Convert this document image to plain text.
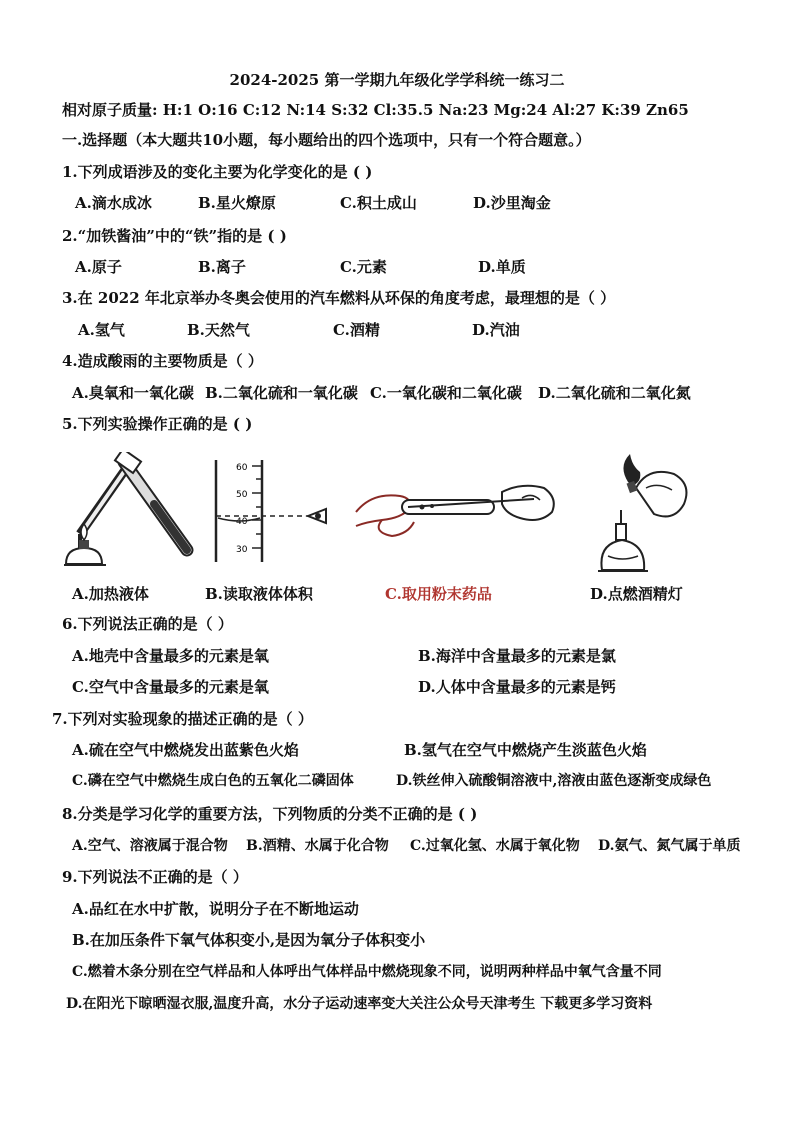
2024-2025 第一学期九年级化学学科统一练习二
相对原子质量: H:1 O:16 C:12 N:14 S:32 Cl:35.5 Na:23 Mg:24 Al:27 K:39 Zn65
一.选择题（本大题共10小题，每小题给出的四个选项中，只有一个符合题意。）
1.下列成语涉及的变化主要为化学变化的是 ( )
A.滴水成冰	B.星火燎原	C.积土成山	D.沙里淘金
2.“加铁酱油”中的“铁”指的是 ( )
A.原子	B.离子	C.元素	D.单质
3.在 2022 年北京举办冬奥会使用的汽车燃料从环保的角度考虑，最理想的是（ ）
A.氢气	B.天然气	C.酒精	D.汽油
4.造成酸雨的主要物质是（ ）
A.臭氧和一氧化碳 B.二氧化硫和一氧化碳 C.一氧化碳和二氧化碳 D.二氧化硫和二氧化氮
5.下列实验操作正确的是 ( )
A.加热液体
60
50
40
30
B.读取液体体积	C.取用粉末药品	D.点燃酒精灯
6.下列说法正确的是（ ）
A.地壳中含量最多的元素是氧	B.海洋中含量最多的元素是氯
C.空气中含量最多的元素是氧	D.人体中含量最多的元素是钙
7.下列对实验现象的描述正确的是（ ）
A.硫在空气中燃烧发出蓝紫色火焰	B.氢气在空气中燃烧产生淡蓝色火焰
C.磷在空气中燃烧生成白色的五氧化二磷固体	D.铁丝伸入硫酸铜溶液中,溶液由蓝色逐渐变成绿色
8.分类是学习化学的重要方法，下列物质的分类不正确的是 ( )
A.空气、溶液属于混合物 B.酒精、水属于化合物 C.过氧化氢、水属于氧化物 D.氨气、氮气属于单质
9.下列说法不正确的是（ ）
A.品红在水中扩散，说明分子在不断地运动
B.在加压条件下氧气体积变小,是因为氧分子体积变小
C.燃着木条分别在空气样品和人体呼出气体样品中燃烧现象不同，说明两种样品中氧气含量不同
D.在阳光下晾晒湿衣服,温度升高，水分子运动速率变大关注公众号天津考生 下载更多学习资料
